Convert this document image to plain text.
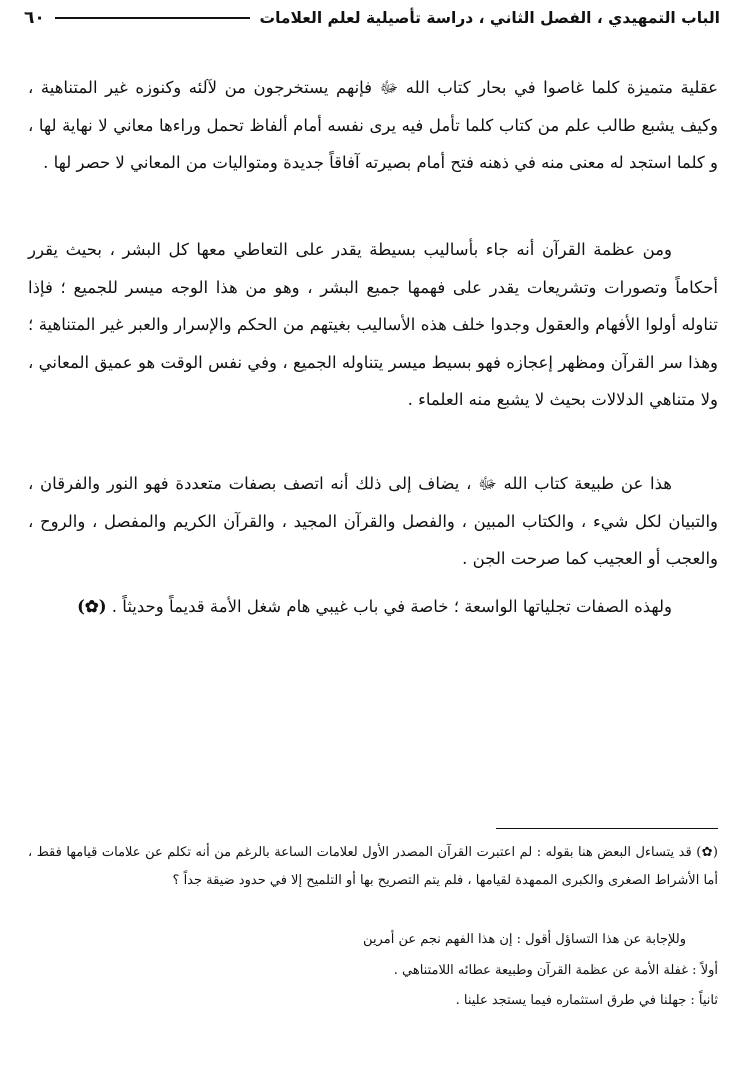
الباب التمهيدي ، الفصل الثاني ، دراسة تأصيلية لعلم العلامات
٦٠

عقلية متميزة كلما غاصوا في بحار كتاب الله ﷻ فإنهم يستخرجون من لآلئه وكنوزه غير المتناهية ، وكيف يشبع طالب علم من كتاب كلما تأمل فيه يرى نفسه أمام ألفاظ تحمل وراءها معاني لا نهاية لها ، و كلما استجد له معنى منه في ذهنه فتح أمام بصيرته آفاقاً جديدة ومتواليات من المعاني لا حصر لها .

ومن عظمة القرآن أنه جاء بأساليب بسيطة يقدر على التعاطي معها كل البشر ، بحيث يقرر أحكاماً وتصورات وتشريعات يقدر على فهمها جميع البشر ، وهو من هذا الوجه ميسر للجميع ؛ فإذا تناوله أولوا الأفهام والعقول وجدوا خلف هذه الأساليب بغيتهم من الحكم والإسرار والعبر غير المتناهية ؛ وهذا سر القرآن ومظهر إعجازه فهو بسيط ميسر يتناوله الجميع ، وفي نفس الوقت هو عميق المعاني ، ولا متناهي الدلالات بحيث لا يشبع منه العلماء .

هذا عن طبيعة كتاب الله ﷻ ، يضاف إلى ذلك أنه اتصف بصفات متعددة فهو النور والفرقان ، والتبيان لكل شيء ، والكتاب المبين ، والفصل والقرآن المجيد ، والقرآن الكريم والمفصل ، والروح ، والعجب أو العجيب كما صرحت الجن .

ولهذه الصفات تجلياتها الواسعة ؛ خاصة في باب غيبي هام شغل الأمة قديماً وحديثاً . (✿)

(✿) قد يتساءل البعض هنا بقوله : لم اعتبرت القرآن المصدر الأول لعلامات الساعة بالرغم من أنه تكلم عن علامات قيامها فقط ، أما الأشراط الصغرى والكبرى الممهدة لقيامها ، فلم يتم التصريح بها أو التلميح إلا في حدود ضيقة جداً ؟

وللإجابة عن هذا التساؤل أقول : إن هذا الفهم نجم عن أمرين

أولاً : غفلة الأمة عن عظمة القرآن وطبيعة عطائه اللامتناهي .

ثانياً : جهلنا في طرق استثماره فيما يستجد علينا .
